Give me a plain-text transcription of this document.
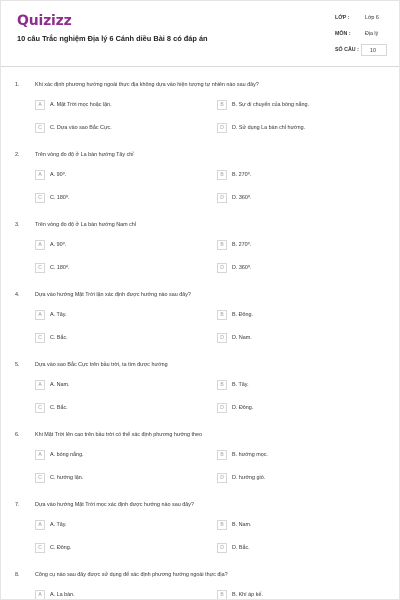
Quizizz
10 câu Trắc nghiệm Địa lý 6 Cánh diều Bài 8 có đáp án
LỚP :	Lớp 6
MÔN :	Địa lý
SỐ CÂU :	10
1.	Khi xác định phương hướng ngoài thực địa không dựa vào hiện tượng tự nhiên nào sau đây?
A	A. Mặt Trời mọc hoặc lặn.	B	B. Sự di chuyển của bóng nắng.
C	C. Dựa vào sao Bắc Cực.	D	D. Sử dụng La bàn chỉ hướng.
2.	Trên vòng đo độ ở La bàn hướng Tây chỉ
A	A. 90⁰.	B	B. 270⁰.
C	C. 180⁰.	D	D. 360⁰.
3.	Trên vòng đo độ ở La bàn hướng Nam chỉ
A	A. 90⁰.	B	B. 270⁰.
C	C. 180⁰.	D	D. 360⁰.
4.	Dựa vào hướng Mặt Trời lặn xác định được hướng nào sau đây?
A	A. Tây.	B	B. Đông.
C	C. Bắc.	D	D. Nam.
5.	Dựa vào sao Bắc Cực trên bầu trời, ta tìm được hướng
A	A. Nam.	B	B. Tây.
C	C. Bắc.	D	D. Đông.
6.	Khi Mặt Trời lên cao trên bầu trời có thể xác định phương hướng theo
A	A. bóng nắng.	B	B. hướng mọc.
C	C. hướng lặn.	D	D. hướng gió.
7.	Dựa vào hướng Mặt Trời mọc xác định được hướng nào sau đây?
A	A. Tây.	B	B. Nam.
C	C. Đông.	D	D. Bắc.
8.	Công cụ nào sau đây được sử dụng để xác định phương hướng ngoài thực địa?
A	A. La bàn.	B	B. Khí áp kế.
